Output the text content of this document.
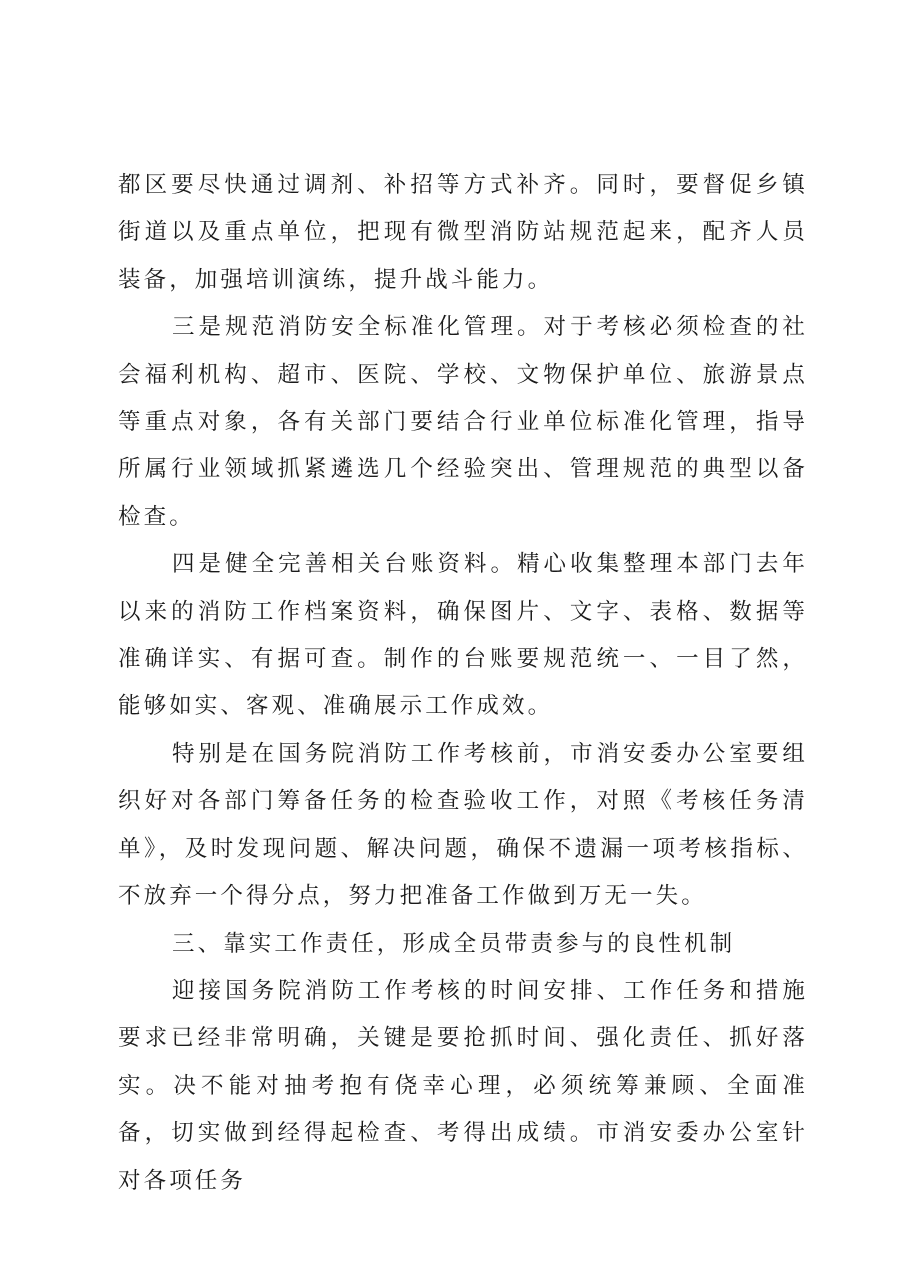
都区要尽快通过调剂、补招等方式补齐。同时，要督促乡镇街道以及重点单位，把现有微型消防站规范起来，配齐人员装备，加强培训演练，提升战斗能力。

三是规范消防安全标准化管理。对于考核必须检查的社会福利机构、超市、医院、学校、文物保护单位、旅游景点等重点对象，各有关部门要结合行业单位标准化管理，指导所属行业领域抓紧遴选几个经验突出、管理规范的典型以备检查。

四是健全完善相关台账资料。精心收集整理本部门去年以来的消防工作档案资料，确保图片、文字、表格、数据等准确详实、有据可查。制作的台账要规范统一、一目了然，能够如实、客观、准确展示工作成效。

特别是在国务院消防工作考核前，市消安委办公室要组织好对各部门筹备任务的检查验收工作，对照《考核任务清单》，及时发现问题、解决问题，确保不遗漏一项考核指标、不放弃一个得分点，努力把准备工作做到万无一失。

三、靠实工作责任，形成全员带责参与的良性机制

迎接国务院消防工作考核的时间安排、工作任务和措施要求已经非常明确，关键是要抢抓时间、强化责任、抓好落实。决不能对抽考抱有侥幸心理，必须统筹兼顾、全面准备，切实做到经得起检查、考得出成绩。市消安委办公室针对各项任务
